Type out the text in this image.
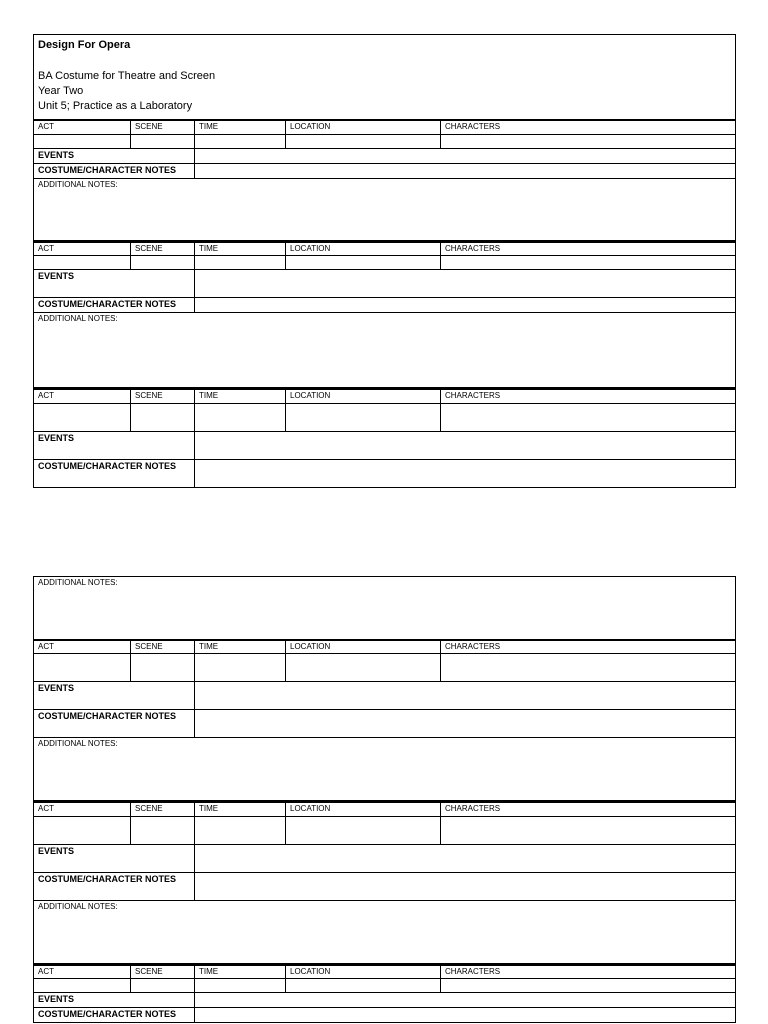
Design For Opera
BA Costume for Theatre and Screen
Year Two
Unit 5; Practice as a Laboratory
ACT	SCENE	TIME	LOCATION	CHARACTERS

EVENTS				
COSTUME/CHARACTER NOTES				
ADDITIONAL NOTES:				
ACT	SCENE	TIME	LOCATION	CHARACTERS

EVENTS				
COSTUME/CHARACTER NOTES				
ADDITIONAL NOTES:				
ACT	SCENE	TIME	LOCATION	CHARACTERS

EVENTS				
COSTUME/CHARACTER NOTES				
ADDITIONAL NOTES:				
ACT	SCENE	TIME	LOCATION	CHARACTERS

EVENTS				
COSTUME/CHARACTER NOTES				
ADDITIONAL NOTES:				
ACT	SCENE	TIME	LOCATION	CHARACTERS

EVENTS				
COSTUME/CHARACTER NOTES				
ADDITIONAL NOTES:				
ACT	SCENE	TIME	LOCATION	CHARACTERS

EVENTS				
COSTUME/CHARACTER NOTES				
